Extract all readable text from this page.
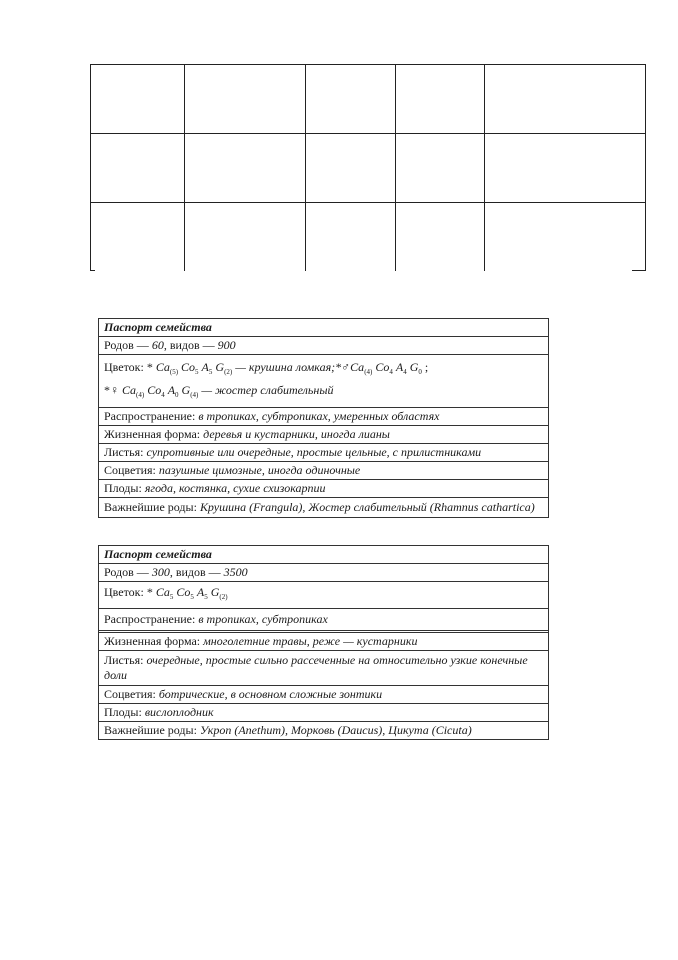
Паспорт семейства
Родов — 60, видов — 900
Цветок: * $Ca_{(5)}$ $Co_5$ $A_5$ $G_{(2)}$ — крушина $ломкая;*♂Ca_{(4)}$ $Co_4$ $A_4$ $G_0$ ;
*♀ $Ca_{(4)}$ $Co_4$ $A_0$ $G_{(4)}$ — жостер слабительный
Распространение: в тропиках, субтропиках, умеренных областях
Жизненная форма: деревья и кустарники, иногда лианы
Листья: супротивные или очередные, простые цельные, с прилистниками
Соцветия: пазушные цимозные, иногда одиночные
Плоды: ягода, костянка, сухие схизокарпии
Важнейшие роды: Крушина (Frangula), Жостер слабительный (Rhamnus cathartica)
Паспорт семейства
Родов — 300, видов — 3500
Цветок: * $Ca_5$ $Co_5$ $A_5$ $G_{(2)}$
Распространение: в тропиках, субтропиках
Жизненная форма: многолетние травы, реже — кустарники
Листья: очередные, простые сильно рассеченные на относительно узкие конечные доли
Соцветия: ботрические, в основном сложные зонтики
Плоды: вислоплодник
Важнейшие роды: Укроп (Anethum), Морковь (Daucus), Цикута (Cicuta)
